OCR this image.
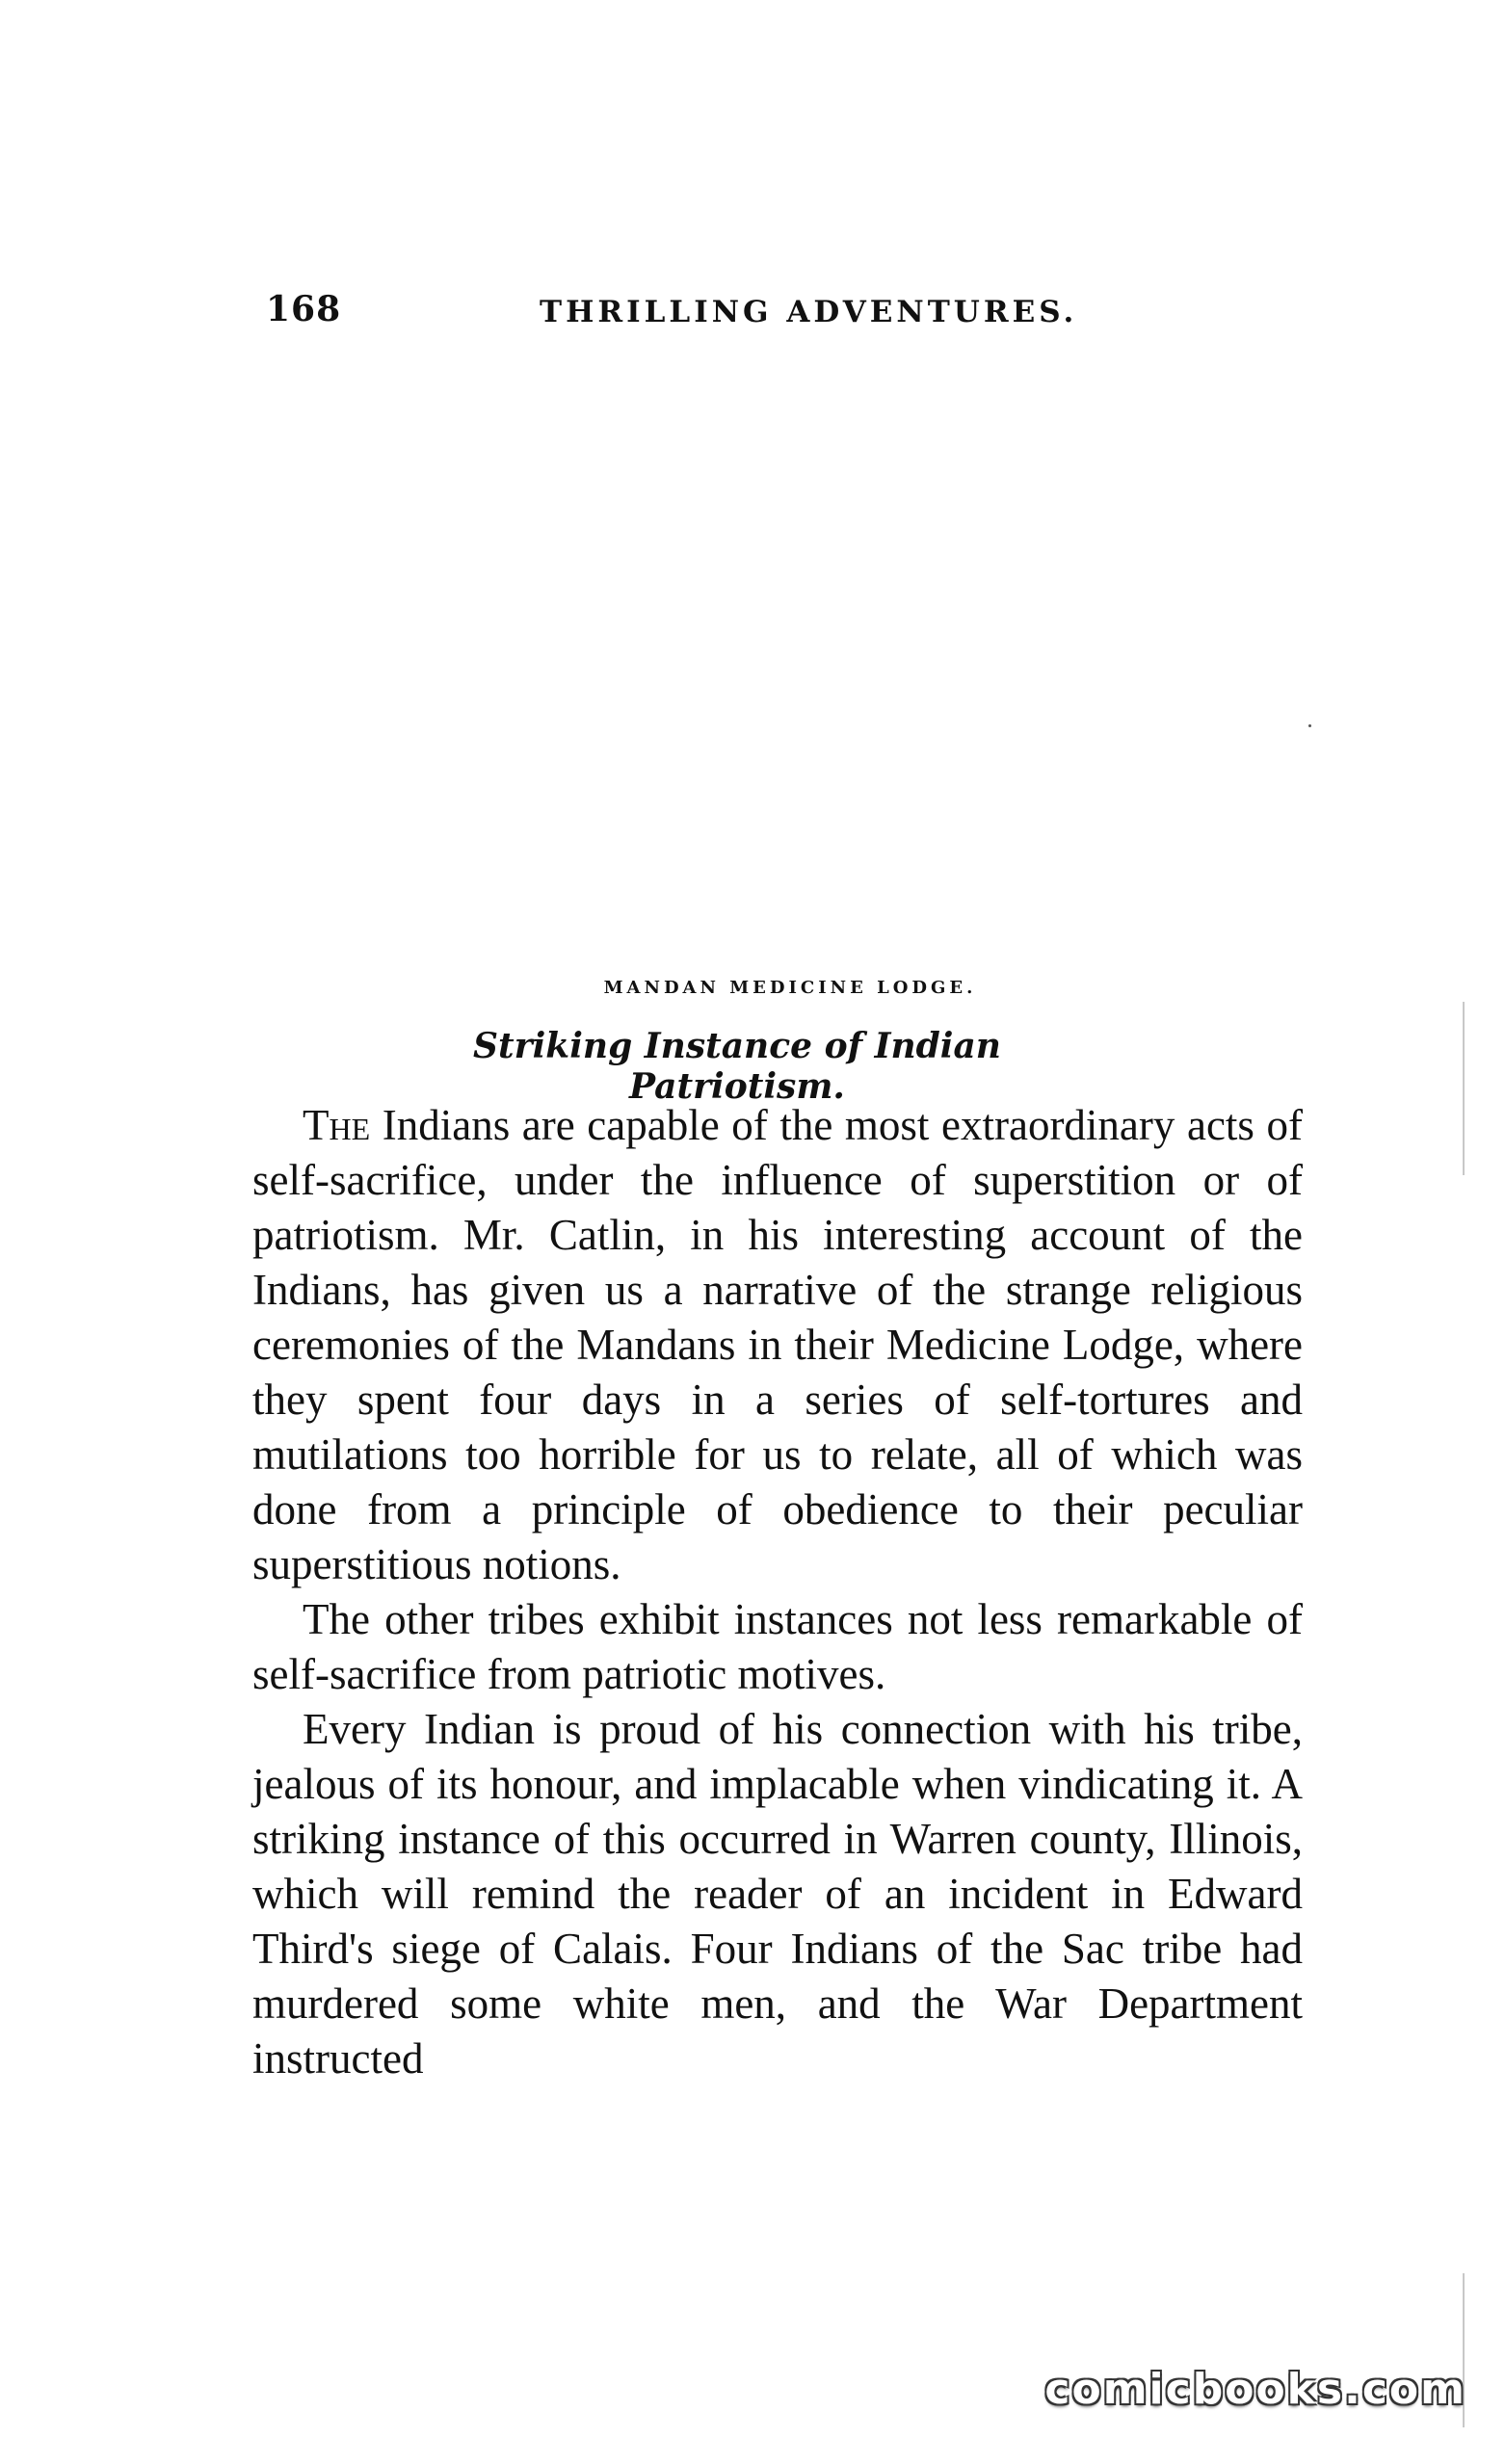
168	THRILLING ADVENTURES.
MANDAN MEDICINE LODGE.
Striking Instance of Indian Patriotism.

The Indians are capable of the most extraordinary acts of self-sacrifice, under the influence of superstition or of patriotism. Mr. Catlin, in his interesting account of the Indians, has given us a narrative of the strange religious ceremonies of the Mandans in their Medicine Lodge, where they spent four days in a series of self-tortures and mutilations too horrible for us to relate, all of which was done from a principle of obedience to their peculiar superstitious notions.

The other tribes exhibit instances not less remarkable of self-sacrifice from patriotic motives.

Every Indian is proud of his connection with his tribe, jealous of its honour, and implacable when vindicating it. A striking instance of this occurred in Warren county, Illinois, which will remind the reader of an incident in Edward Third's siege of Calais. Four Indians of the Sac tribe had murdered some white men, and the War Department instructed

comicbooks.com
